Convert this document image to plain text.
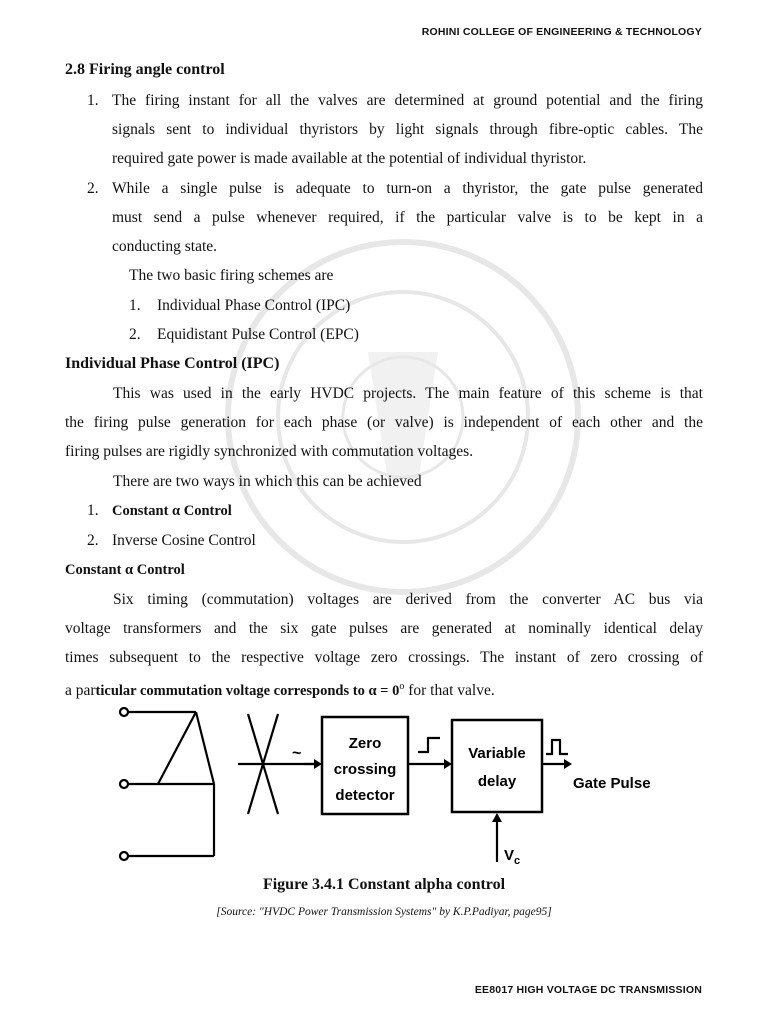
ROHINI COLLEGE OF ENGINEERING & TECHNOLOGY
2.8 Firing angle control
1. The firing instant for all the valves are determined at ground potential and the firing
signals sent to individual thyristors by light signals through fibre-optic cables. The
required gate power is made available at the potential of individual thyristor.
2. While a single pulse is adequate to turn-on a thyristor, the gate pulse generated
must send a pulse whenever required, if the particular valve is to be kept in a
conducting state.
The two basic firing schemes are
1. Individual Phase Control (IPC)
2. Equidistant Pulse Control (EPC)
Individual Phase Control (IPC)
This was used in the early HVDC projects. The main feature of this scheme is that
the firing pulse generation for each phase (or valve) is independent of each other and the
firing pulses are rigidly synchronized with commutation voltages.
There are two ways in which this can be achieved
1. Constant α Control
2. Inverse Cosine Control
Constant α Control
Six timing (commutation) voltages are derived from the converter AC bus via
voltage transformers and the six gate pulses are generated at nominally identical delay
times subsequent to the respective voltage zero crossings. The instant of zero crossing of
a particular commutation voltage corresponds to $\alpha = 0^o$ for that valve.
~
Zero
crossing
detector
Variable
delay	Gate Pulse
$V_c$
Figure 3.4.1 Constant alpha control
[Source: "HVDC Power Transmission Systems" by K.P.Padiyar, page95]
EE8017 HIGH VOLTAGE DC TRANSMISSION
